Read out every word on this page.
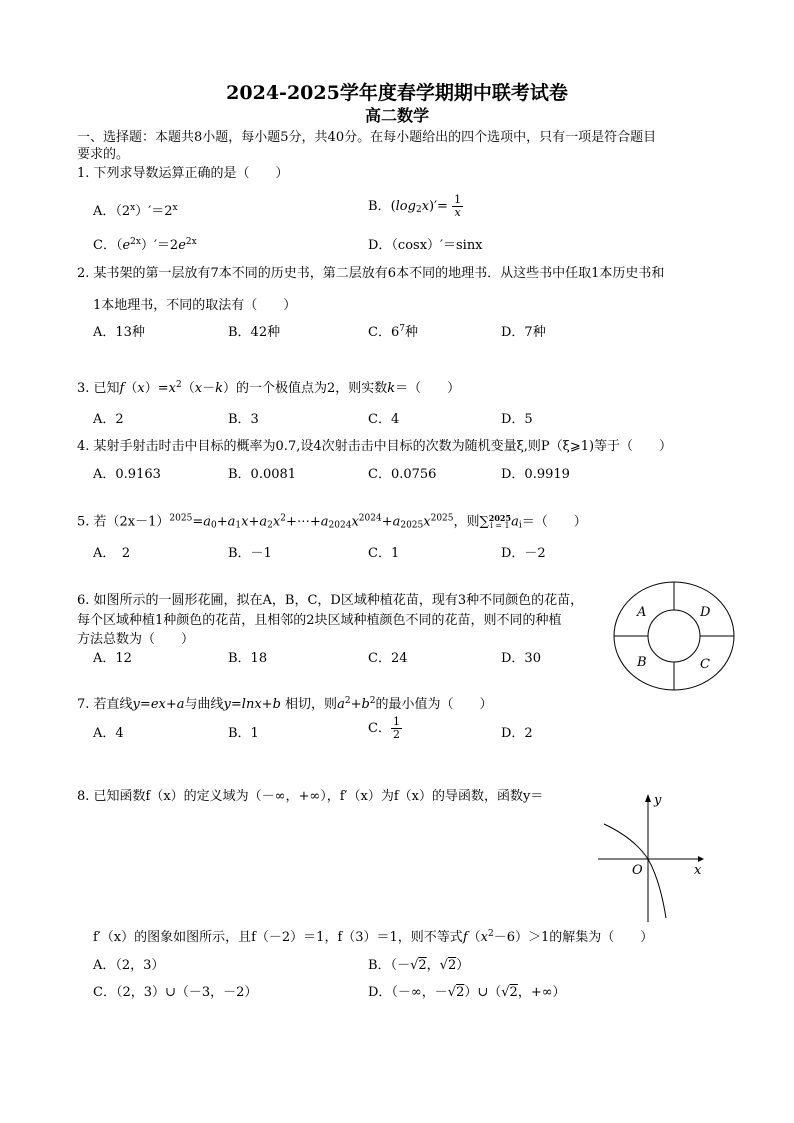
2024-2025学年度春学期期中联考试卷
高二数学
一、选择题：本题共8小题，每小题5分，共40分。在每小题给出的四个选项中，只有一项是符合题目
要求的。
1. 下列求导数运算正确的是（　　）
A．$(2^x)'=2^x$	B．$(\log_2x)'= \frac{1}{x}$
C．$(e^{2x})'=2e^{2x}$	D．（cosx）′＝sinx
2. 某书架的第一层放有7本不同的历史书，第二层放有6本不同的地理书．从这些书中任取1本历史书和
1本地理书，不同的取法有（　　）
A．13种	B．42种	C．$6^7$种	D．7种
3. 已知$f(x)=x^2(x-k)$的一个极值点为2，则实数k＝（　　）
A．2	B．3	C．4	D．5
4. 某射手射击时击中目标的概率为0.7,设4次射击击中目标的次数为随机变量ξ,则P（ξ⩾1)等于（　　）
A．0.9163	B．0.0081	C．0.0756	D．0.9919
5. 若$(2x-1)^{2025}=a_0+a_1x+a_2x^2+\cdots+a_{2024}x^{2024}+a_{2025}x^{2025}$，则∑ 2025
i = 1 $a_i=$（　　）
A．　2	B．－1	C．1	D．－2
6. 如图所示的一圆形花圃，拟在A，B，C，D区域种植花苗，现有3种不同颜色的花苗，
每个区域种植1种颜色的花苗，且相邻的2块区域种植颜色不同的花苗，则不同的种植
方法总数为（　　）
A．12	B．18	C．24	D．30
A	D
B	C
7. 若直线y=ex+a与曲线y=lnx+b 相切，则$a^2+b^2$的最小值为（　　）
A．4	B．1	C． $\frac{1}{2}$	D．2
8. 已知函数f（x）的定义域为（－∞，+∞），f′（x）为f（x）的导函数，函数y＝	y
x
O
f′（x）的图象如图所示，且f（－2）＝1，f（3）＝1，则不等式$f(x^2-6)>1$的解集为（　　）
A．（2，3）	B．（－√2，√2）
C．（2，3）∪（－3，－2）	D．（－∞，－√2）∪（√2，+∞）
